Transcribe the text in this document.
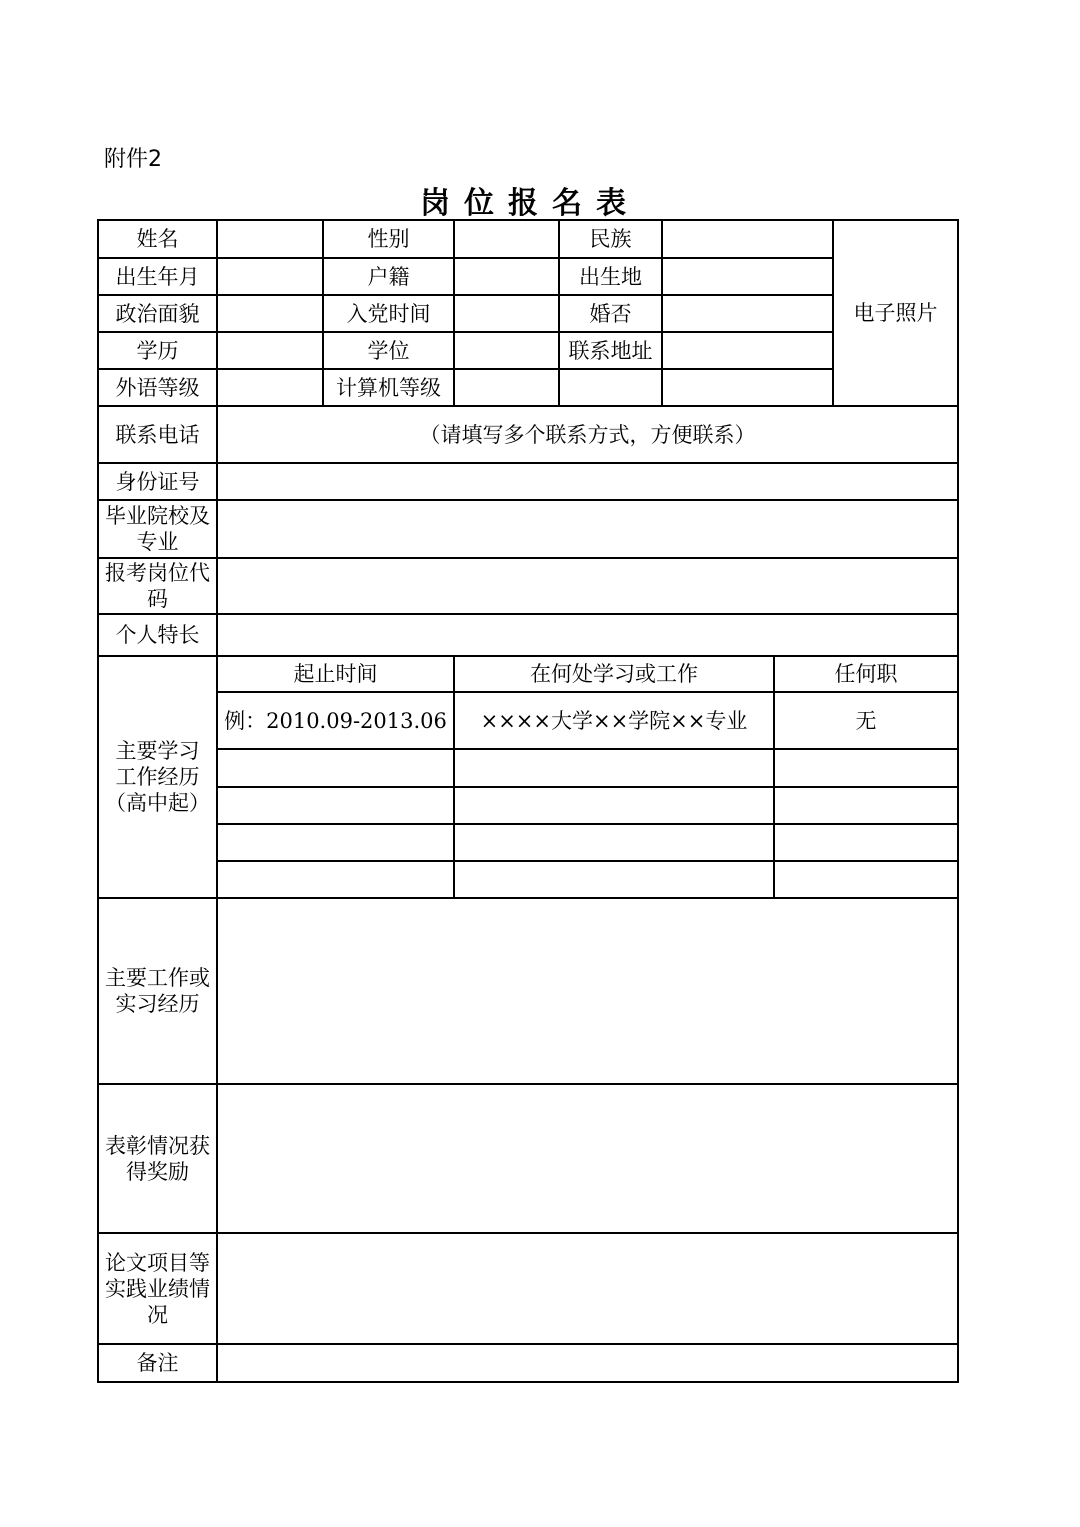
附件2
岗位报名表
姓名	性别	民族
出生年月	户籍	出生地
政治面貌	入党时间	婚否
学历	学位	联系地址
外语等级	计算机等级
电子照片
联系电话	（请填写多个联系方式，方便联系）
身份证号
毕业院校及
专业
报考岗位代
码
个人特长
主要学习
工作经历
（高中起）
起止时间	在何处学习或工作	任何职
例：2010.09-2013.06	××××大学××学院××专业	无
主要工作或
实习经历
表彰情况获
得奖励
论文项目等
实践业绩情
况
备注
